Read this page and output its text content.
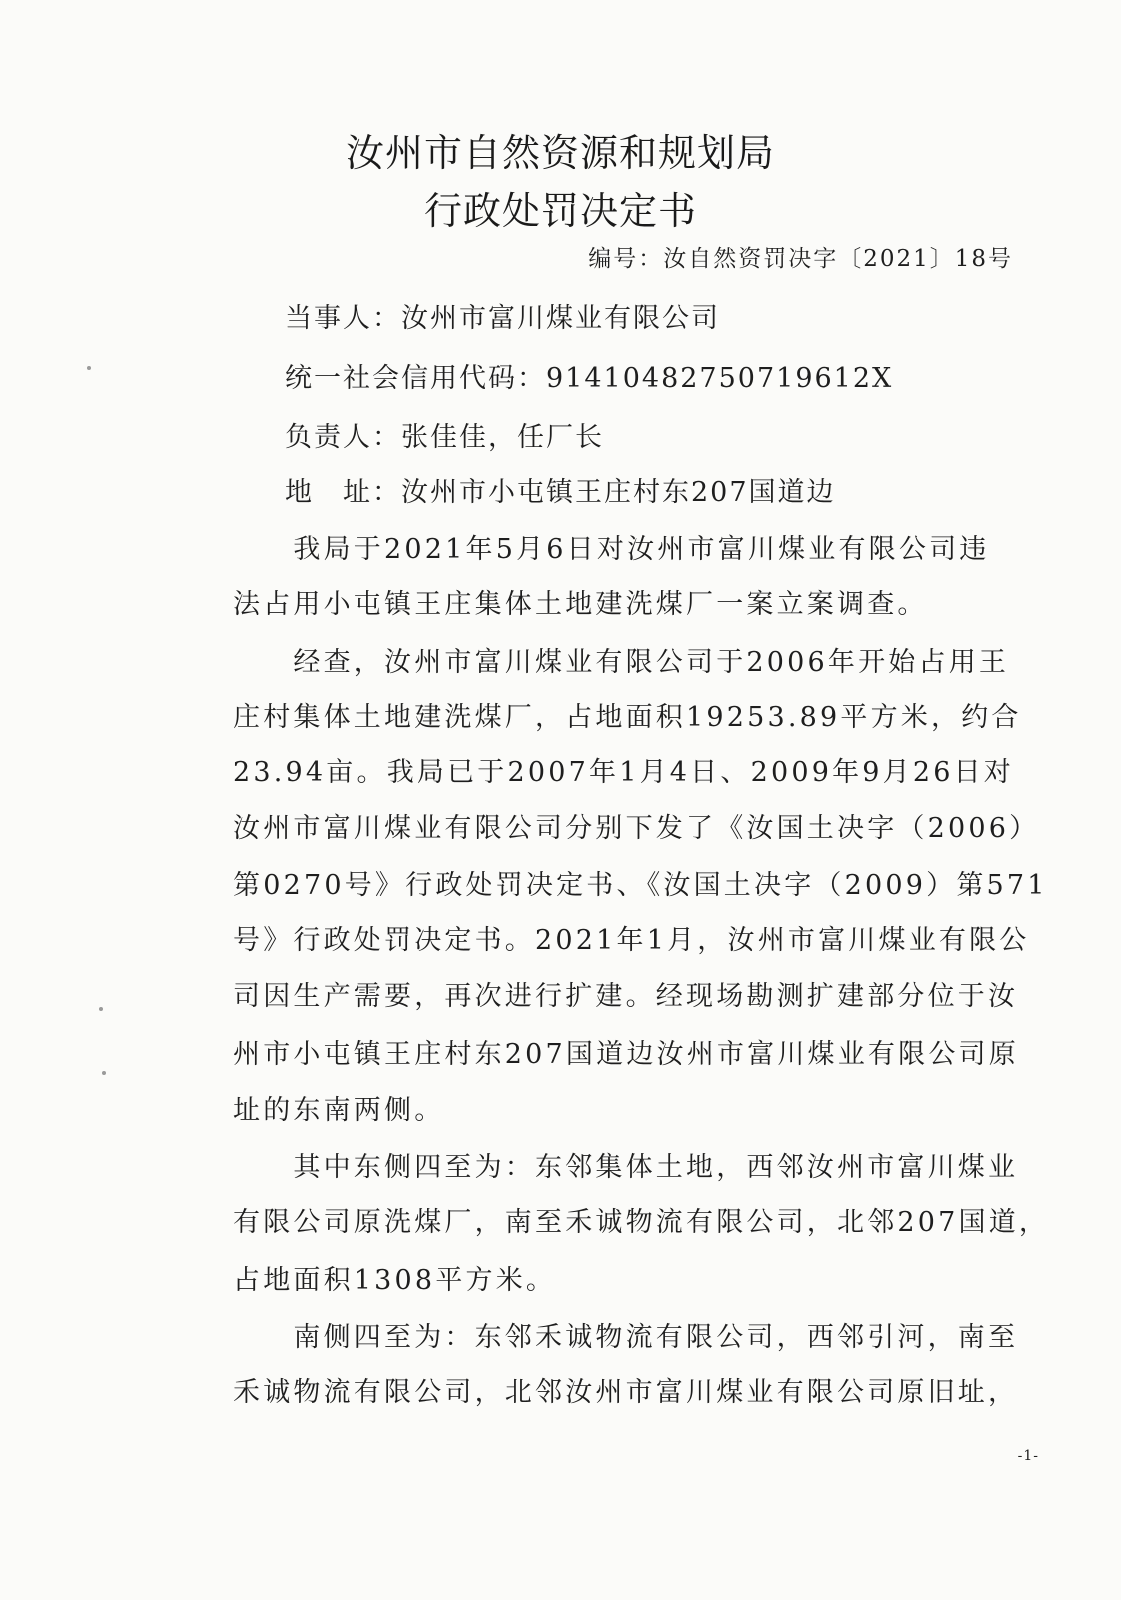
汝州市自然资源和规划局
行政处罚决定书
编号：汝自然资罚决字〔2021〕18号
当事人：汝州市富川煤业有限公司
统一社会信用代码：91410482750719612X
负责人：张佳佳，任厂长
地　址：汝州市小屯镇王庄村东207国道边
　　我局于2021年5月6日对汝州市富川煤业有限公司违
法占用小屯镇王庄集体土地建洗煤厂一案立案调查。
　　经查，汝州市富川煤业有限公司于2006年开始占用王
庄村集体土地建洗煤厂，占地面积19253.89平方米，约合
23.94亩。我局已于2007年1月4日、2009年9月26日对
汝州市富川煤业有限公司分别下发了《汝国土决字（2006）
第0270号》行政处罚决定书、《汝国土决字（2009）第571
号》行政处罚决定书。2021年1月，汝州市富川煤业有限公
司因生产需要，再次进行扩建。经现场勘测扩建部分位于汝
州市小屯镇王庄村东207国道边汝州市富川煤业有限公司原
址的东南两侧。
　　其中东侧四至为：东邻集体土地，西邻汝州市富川煤业
有限公司原洗煤厂，南至禾诚物流有限公司，北邻207国道，
占地面积1308平方米。
　　南侧四至为：东邻禾诚物流有限公司，西邻引河，南至
禾诚物流有限公司，北邻汝州市富川煤业有限公司原旧址，
-1-
